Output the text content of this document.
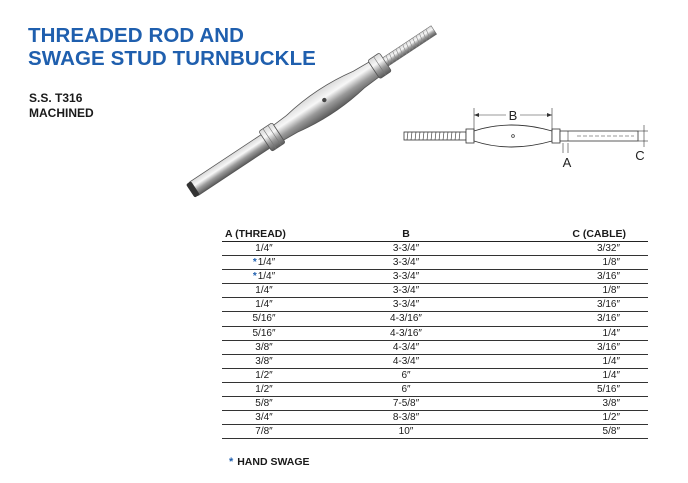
THREADED ROD AND
SWAGE STUD TURNBUCKLE
S.S. T316
MACHINED	B
A	C
A (THREAD)	B	C (CABLE)
1/4″	3-3/4″	3/32″
*1/4″	3-3/4″	1/8″
*1/4″	3-3/4″	3/16″
1/4″	3-3/4″	1/8″
1/4″	3-3/4″	3/16″
5/16″	4-3/16″	3/16″
5/16″	4-3/16″	1/4″
3/8″	4-3/4″	3/16″
3/8″	4-3/4″	1/4″
1/2″	6″	1/4″
1/2″	6″	5/16″
5/8″	7-5/8″	3/8″
3/4″	8-3/8″	1/2″
7/8″	10″	5/8″
* HAND SWAGE
